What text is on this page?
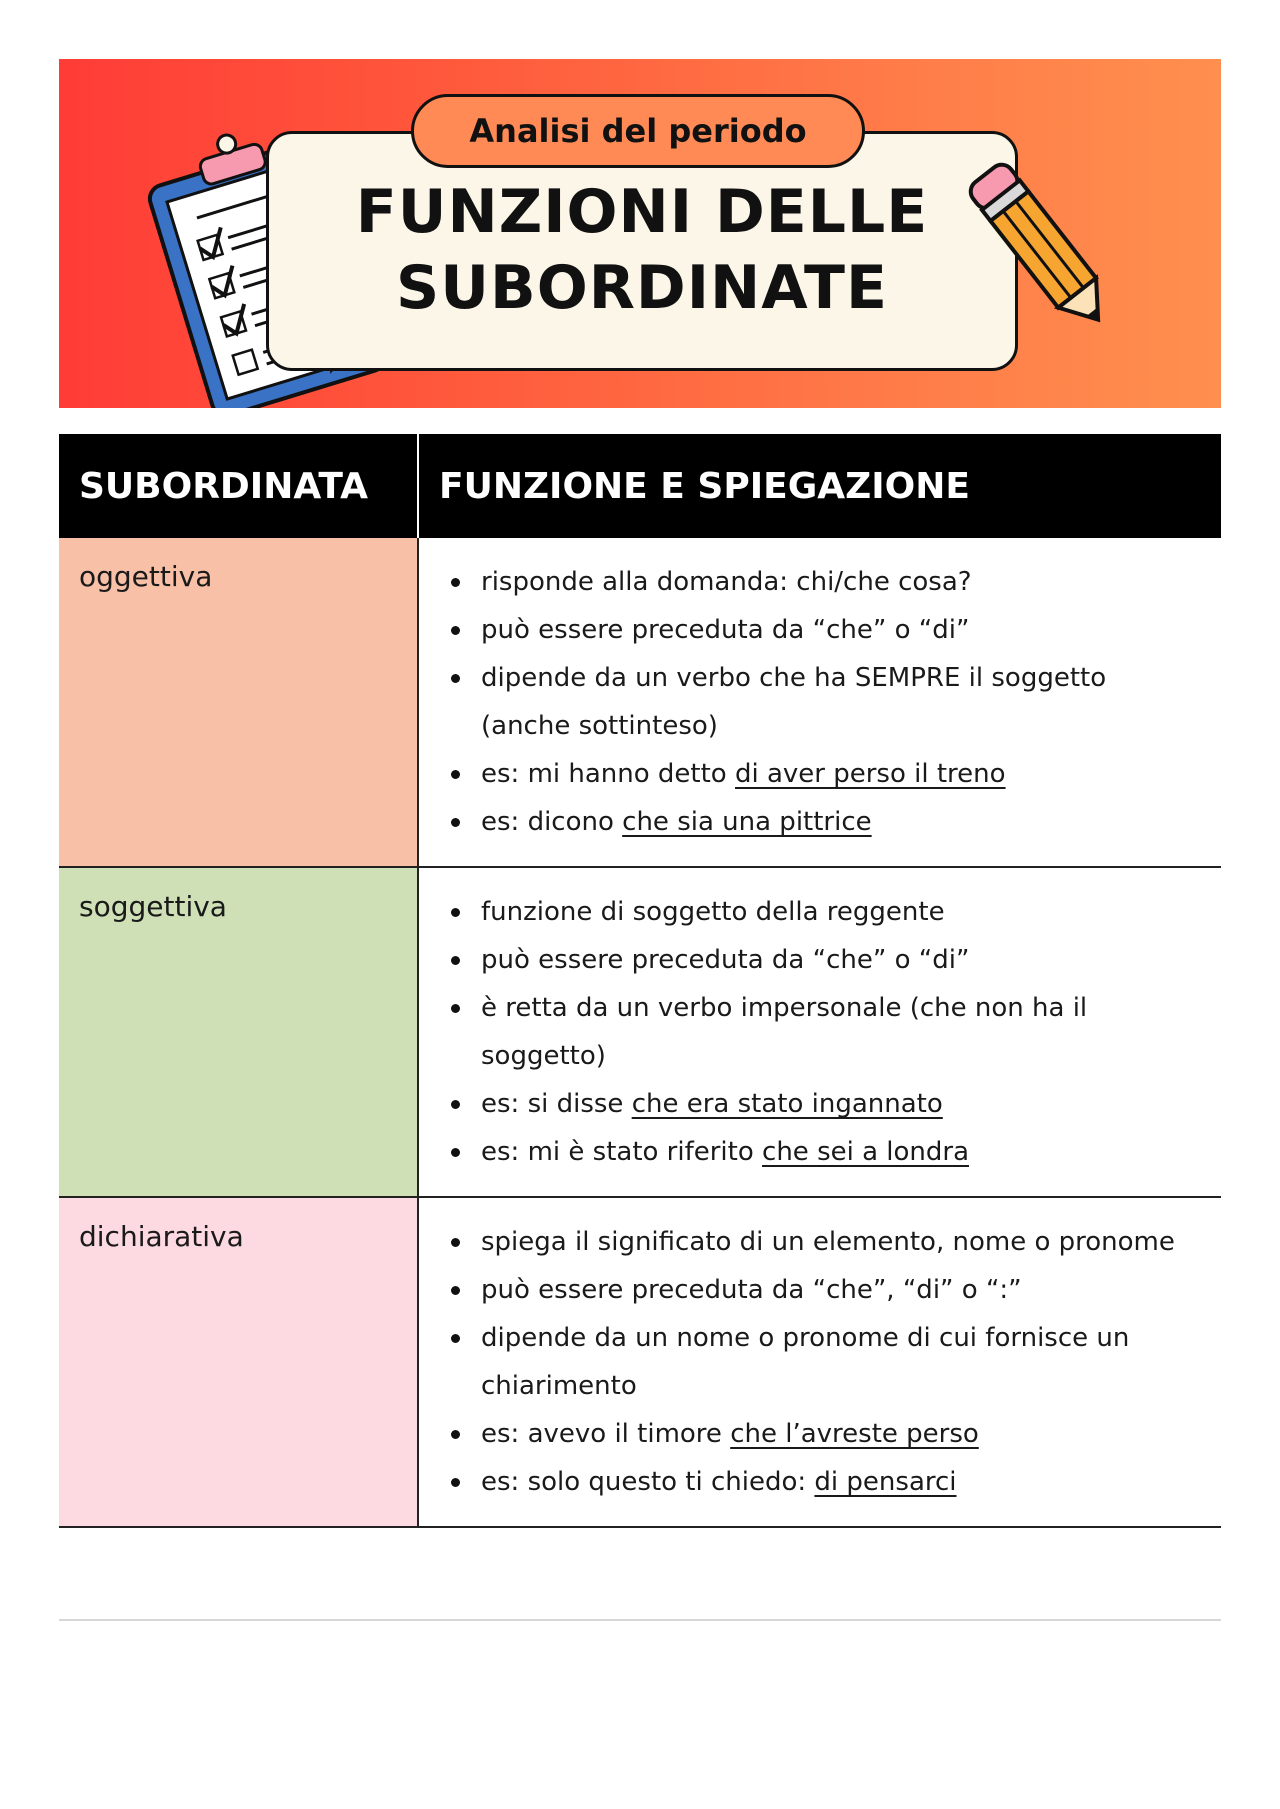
FUNZIONI DELLE
SUBORDINATE
Analisi del periodo
SUBORDINATA	FUNZIONE E SPIEGAZIONE
oggettiva	risponde alla domanda: chi/che cosa?
può essere preceduta da “che” o “di”
dipende da un verbo che ha SEMPRE il soggetto (anche sottinteso)
es: mi hanno detto di aver perso il treno
es: dicono che sia una pittrice
soggettiva	funzione di soggetto della reggente
può essere preceduta da “che” o “di”
è retta da un verbo impersonale (che non ha il soggetto)
es: si disse che era stato ingannato
es: mi è stato riferito che sei a londra
dichiarativa	spiega il significato di un elemento, nome o pronome
può essere preceduta da “che”, “di” o “:”
dipende da un nome o pronome di cui fornisce un chiarimento
es: avevo il timore che l’avreste perso
es: solo questo ti chiedo: di pensarci
